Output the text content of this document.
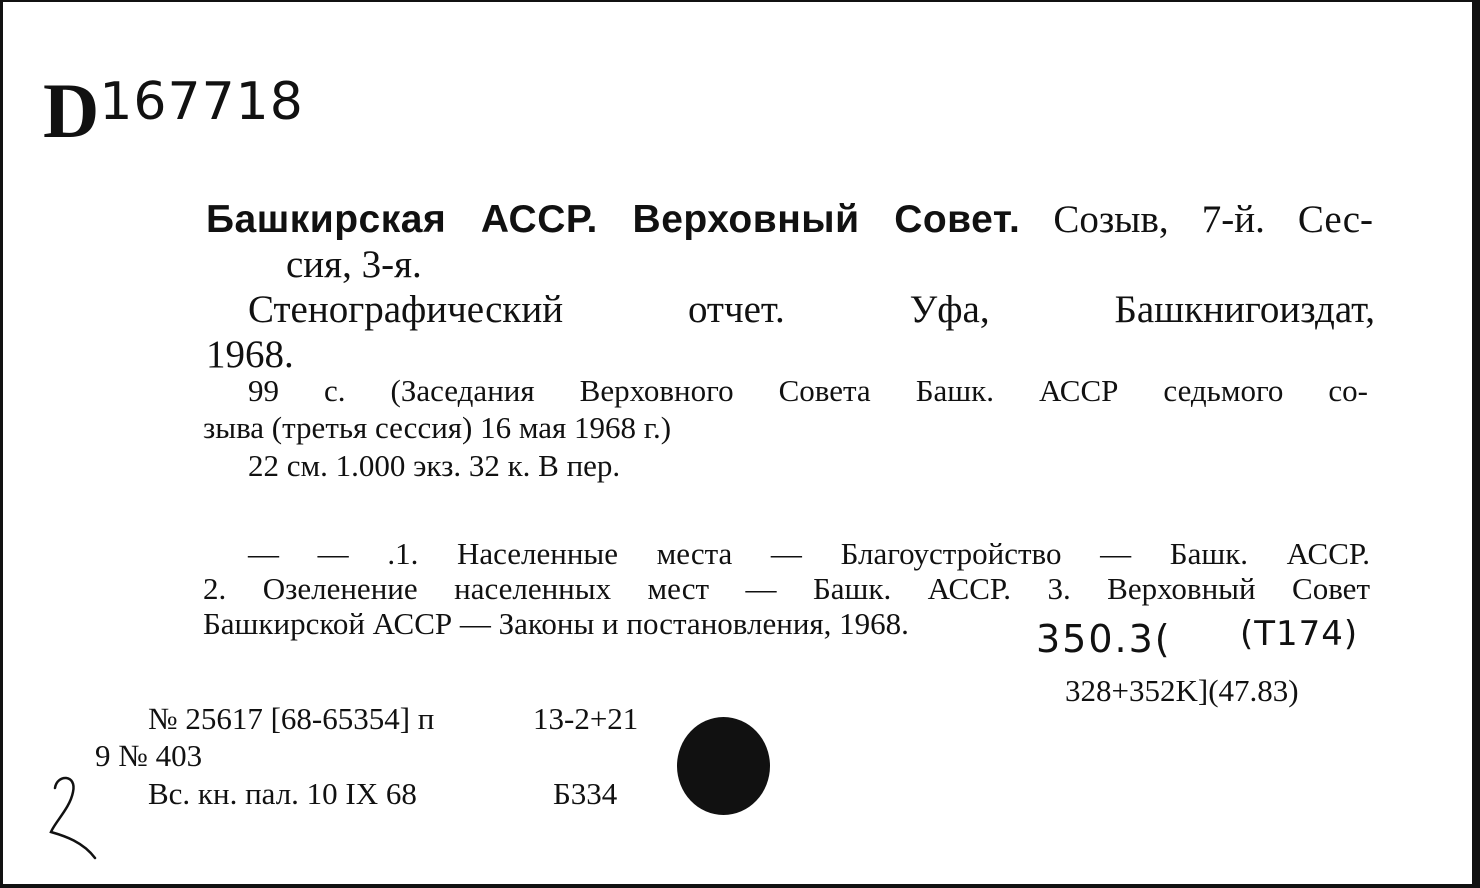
$D^{167718}$
Башкирская АССР. Верховный Совет. Созыв, 7-й. Сес-
сия, 3-я.
Стенографический отчет. Уфа, Башкнигоиздат,
1968.
99 с. (Заседания Верховного Совета Башк. АССР седьмого со-
зыва (третья сессия) 16 мая 1968 г.)
22 см. 1.000 экз. 32 к. В пер.
— — .1. Населенные места — Благоустройство — Башк. АССР.
2. Озеленение населенных мест — Башк. АССР. 3. Верховный Совет
Башкирской АССР — Законы и постановления, 1968.	350.3( (T174)
328+352K](47.83)
№ 25617 [68-65354] п	13-2+21
9 № 403
Вс. кн. пал. 10 IX 68	Б334
